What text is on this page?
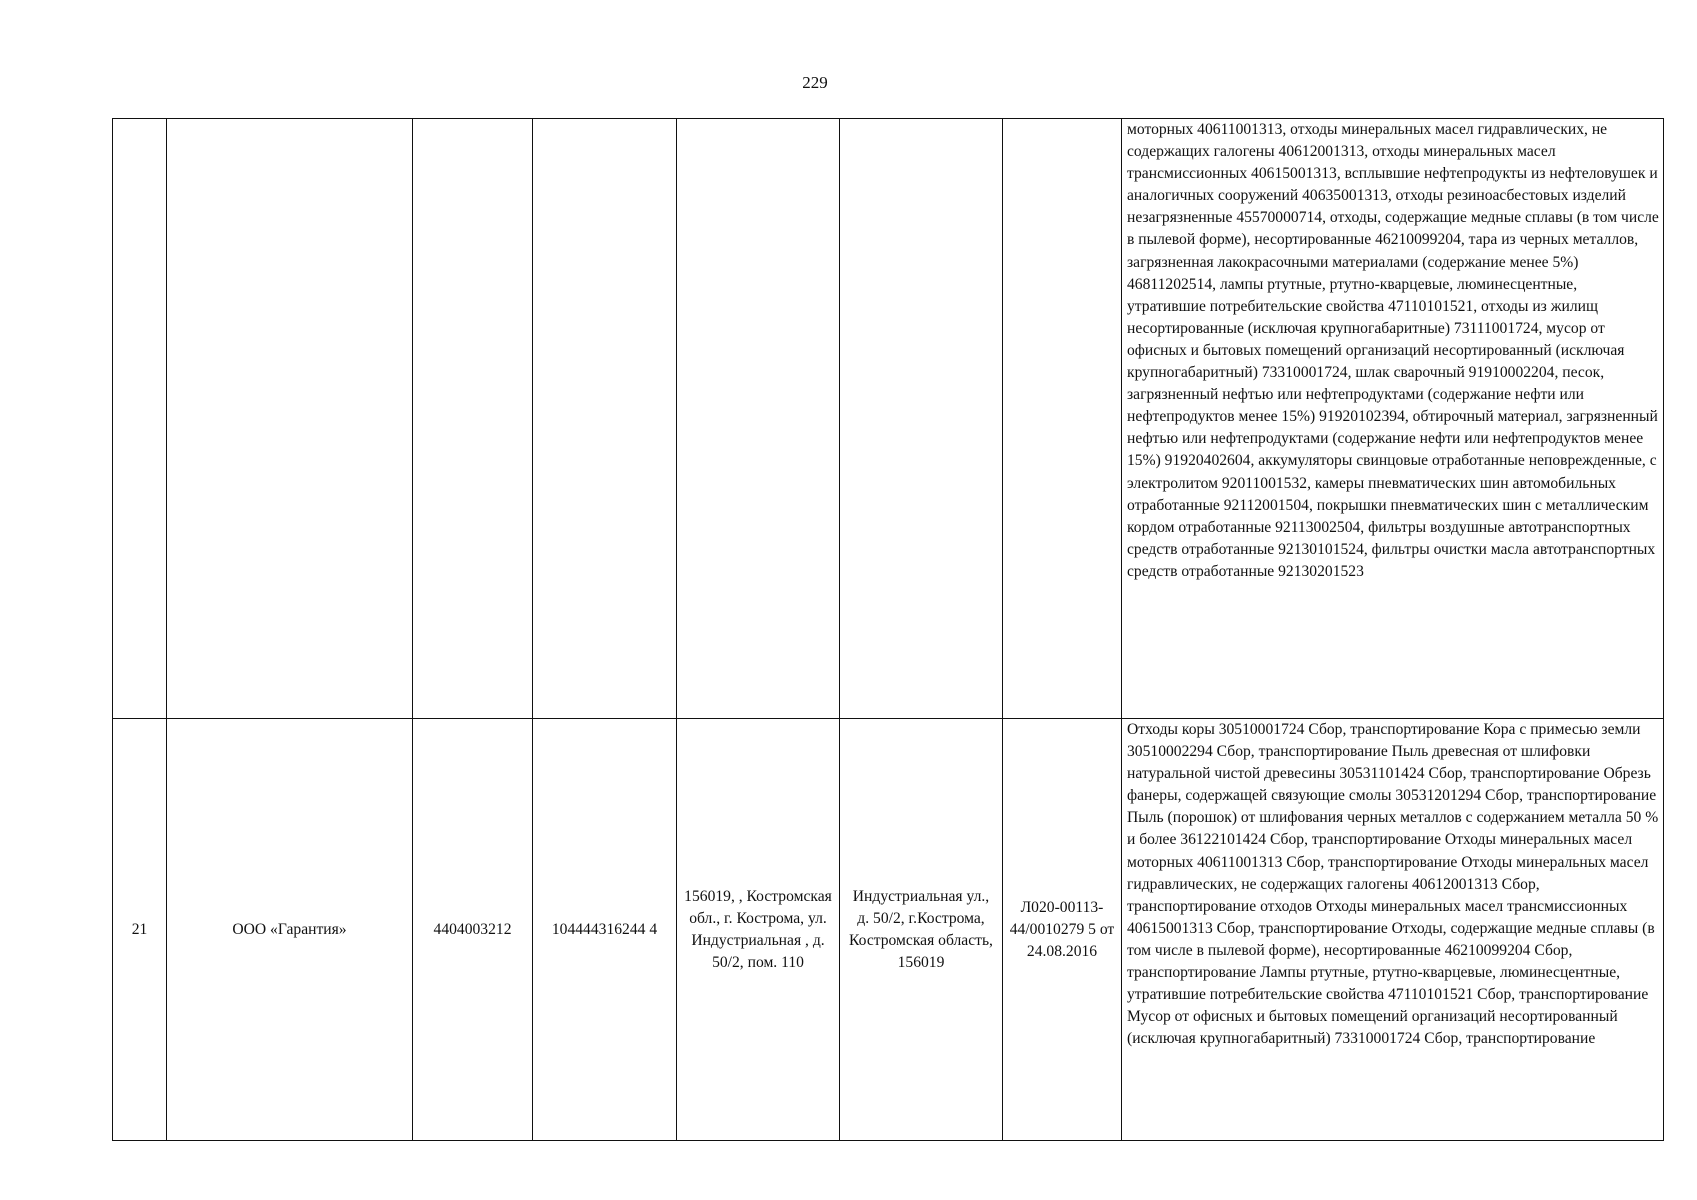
229
							моторных 40611001313, отходы минеральных масел гидравлических, не содержащих галогены 40612001313, отходы минеральных масел трансмиссионных 40615001313, всплывшие нефтепродукты из нефтеловушек и аналогичных сооружений 40635001313, отходы резиноасбестовых изделий незагрязненные 45570000714, отходы, содержащие медные сплавы (в том числе в пылевой форме), несортированные 46210099204, тара из черных металлов, загрязненная лакокрасочными материалами (содержание менее 5%) 46811202514, лампы ртутные, ртутно-кварцевые, люминесцентные, утратившие потребительские свойства 47110101521, отходы из жилищ несортированные (исключая крупногабаритные) 73111001724, мусор от офисных и бытовых помещений организаций несортированный (исключая крупногабаритный) 73310001724, шлак сварочный 91910002204, песок, загрязненный нефтью или нефтепродуктами (содержание нефти или нефтепродуктов менее 15%) 91920102394, обтирочный материал, загрязненный нефтью или нефтепродуктами (содержание нефти или нефтепродуктов менее 15%) 91920402604, аккумуляторы свинцовые отработанные неповрежденные, с электролитом 92011001532, камеры пневматических шин автомобильных отработанные 92112001504, покрышки пневматических шин с металлическим кордом отработанные 92113002504, фильтры воздушные автотранспортных средств отработанные 92130101524, фильтры очистки масла автотранспортных средств отработанные 92130201523
21	ООО «Гарантия»	4404003212	104444316244 4	156019, , Костромская обл., г. Кострома, ул. Индустриальная , д. 50/2, пом. 110	Индустриальная ул., д. 50/2, г.Кострома, Костромская область, 156019	Л020-00113-44/0010279 5 от 24.08.2016	Отходы коры 30510001724 Сбор, транспортирование Кора с примесью земли 30510002294 Сбор, транспортирование Пыль древесная от шлифовки натуральной чистой древесины 30531101424 Сбор, транспортирование Обрезь фанеры, содержащей связующие смолы 30531201294 Сбор, транспортирование Пыль (порошок) от шлифования черных металлов с содержанием металла 50 % и более 36122101424 Сбор, транспортирование Отходы минеральных масел моторных 40611001313 Сбор, транспортирование Отходы минеральных масел гидравлических, не содержащих галогены 40612001313 Сбор, транспортирование отходов Отходы минеральных масел трансмиссионных 40615001313 Сбор, транспортирование Отходы, содержащие медные сплавы (в том числе в пылевой форме), несортированные 46210099204 Сбор, транспортирование Лампы ртутные, ртутно-кварцевые, люминесцентные, утратившие потребительские свойства 47110101521 Сбор, транспортирование Мусор от офисных и бытовых помещений организаций несортированный (исключая крупногабаритный) 73310001724 Сбор, транспортирование
